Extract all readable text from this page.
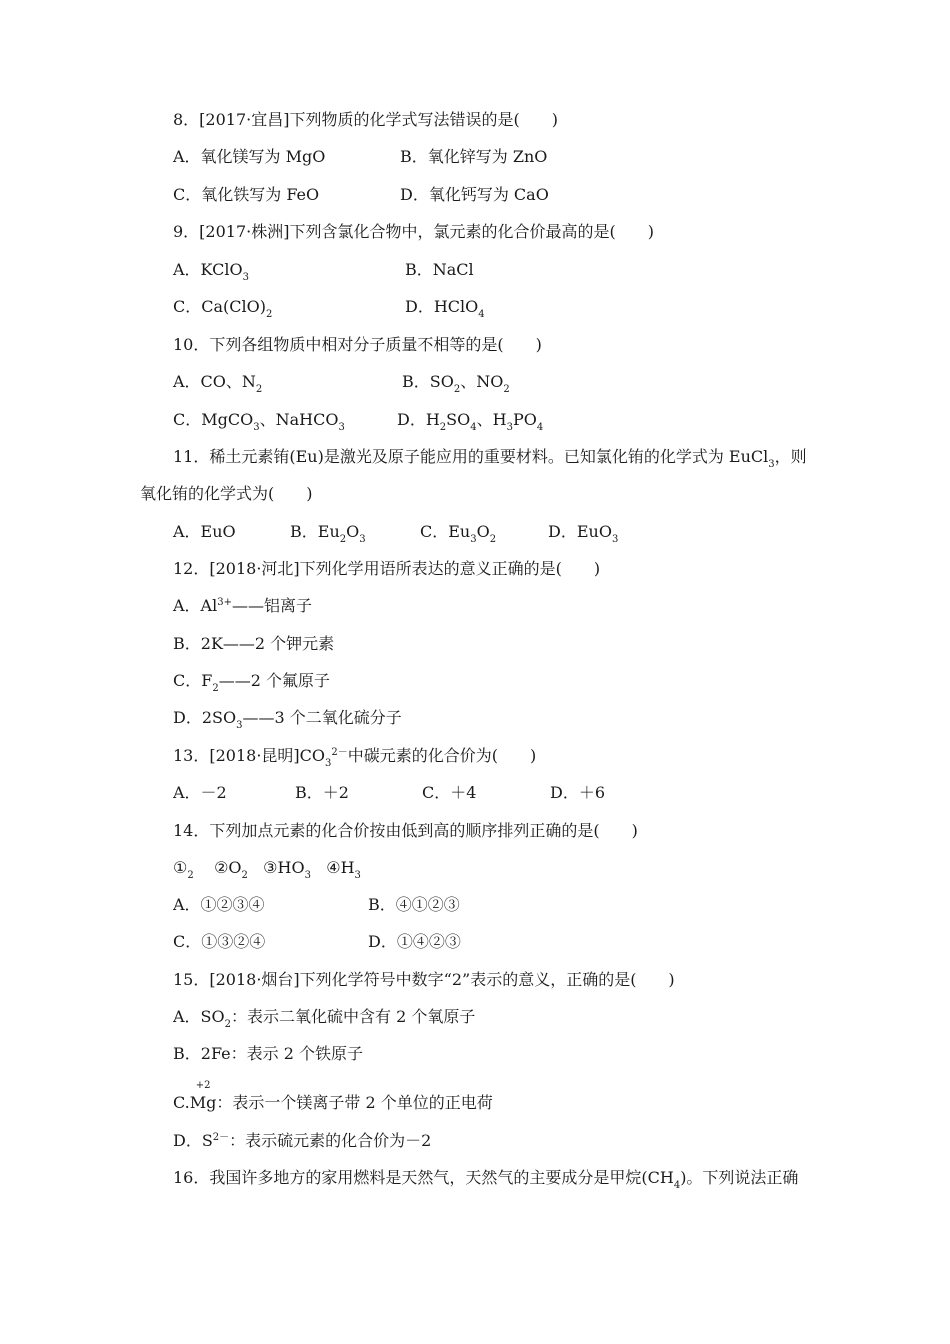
8．[2017·宜昌]下列物质的化学式写法错误的是(　　)
A．氧化镁写为 MgO	B．氧化锌写为 ZnO
C．氧化铁写为 FeO	D．氧化钙写为 CaO
9．[2017·株洲]下列含氯化合物中，氯元素的化合价最高的是(　　)
A．KClO$_3$	B．NaCl
C．$Ca(ClO)_2$	D．HClO$_4$
10．下列各组物质中相对分子质量不相等的是(　　)
A．CO、$N_2$	B．$SO_2$、$NO_2$
C．MgCO$_3$、NaHCO$_3$	D．$H_2SO_4$、$H_3PO_4$
11．稀土元素铕(Eu)是激光及原子能应用的重要材料。已知氯化铕的化学式为 EuCl$_3$，则
氧化铕的化学式为(　　)
A．EuO	B．$Eu_2O_3$	C．$Eu_3O_2$	D．EuO$_3$
12．[2018·河北]下列化学用语所表达的意义正确的是(　　)
A．$Al^{3+}——$铝离子
B．2K——2 个钾元素
C．$F_2——2$ 个氟原子
D．$2SO_3——3$ 个二氧化硫分子
13．[2018·昆明]$CO_3^{2-}$中碳元素的化合价为(　　)
A．－2	B．＋2	C．＋4	D．＋6
14．下列加点元素的化合价按由低到高的顺序排列正确的是(　　)
$①_2$ $②O_2$ $③HO_3$ $④H_3$
A．①②③④	B．④①②③
C．①③②④	D．①④②③
15．[2018·烟台]下列化学符号中数字“2”表示的意义，正确的是(　　)
A．$SO_2$：表示二氧化硫中含有 2 个氧原子
B．2Fe：表示 2 个铁原子
C.
+2
Mg：表示一个镁离子带 2 个单位的正电荷
D．$S^{2-}$：表示硫元素的化合价为－2
16．我国许多地方的家用燃料是天然气，天然气的主要成分是甲烷$(CH_4)$。下列说法正确
